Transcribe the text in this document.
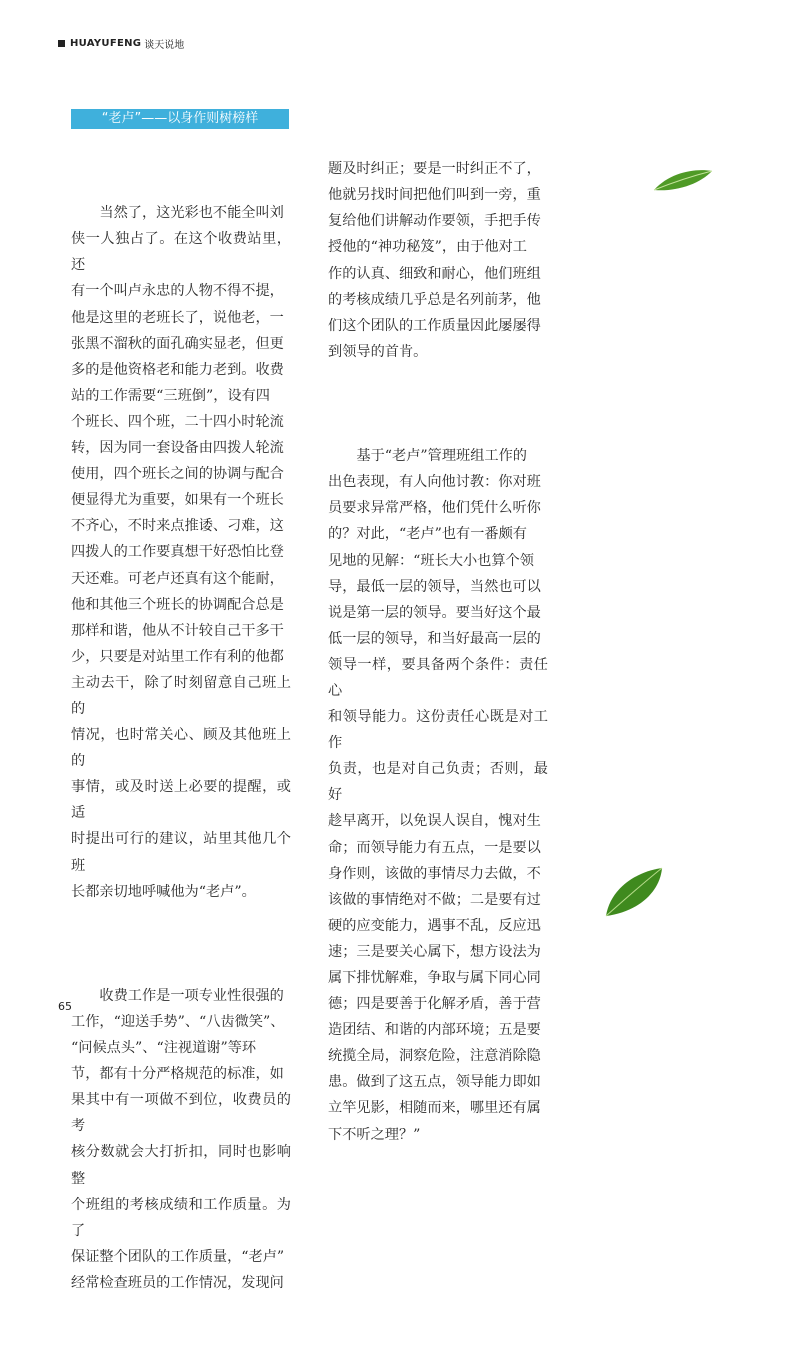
HUAYUFENG 谈天说地
“老卢”——以身作则树榜样

　　当然了，这光彩也不能全叫刘
侠一人独占了。在这个收费站里，还
有一个叫卢永忠的人物不得不提，
他是这里的老班长了，说他老，一
张黑不溜秋的面孔确实显老，但更
多的是他资格老和能力老到。收费
站的工作需要“三班倒”，设有四
个班长、四个班，二十四小时轮流
转，因为同一套设备由四拨人轮流
使用，四个班长之间的协调与配合
便显得尤为重要，如果有一个班长
不齐心，不时来点推诿、刁难，这
四拨人的工作要真想干好恐怕比登
天还难。可老卢还真有这个能耐，
他和其他三个班长的协调配合总是
那样和谐，他从不计较自己干多干
少，只要是对站里工作有利的他都
主动去干，除了时刻留意自己班上的
情况，也时常关心、顾及其他班上的
事情，或及时送上必要的提醒，或适
时提出可行的建议，站里其他几个班
长都亲切地呼喊他为“老卢”。

　　收费工作是一项专业性很强的
工作，“迎送手势”、“八齿微笑”、
“问候点头”、“注视道谢”等环
节，都有十分严格规范的标准，如
果其中有一项做不到位，收费员的考
核分数就会大打折扣，同时也影响整
个班组的考核成绩和工作质量。为了
保证整个团队的工作质量，“老卢”
经常检查班员的工作情况，发现问

题及时纠正；要是一时纠正不了，
他就另找时间把他们叫到一旁，重
复给他们讲解动作要领，手把手传
授他的“神功秘笈”，由于他对工
作的认真、细致和耐心，他们班组
的考核成绩几乎总是名列前茅，他
们这个团队的工作质量因此屡屡得
到领导的首肯。

　　基于“老卢”管理班组工作的
出色表现，有人向他讨教：你对班
员要求异常严格，他们凭什么听你
的？对此，“老卢”也有一番颇有
见地的见解：“班长大小也算个领
导，最低一层的领导，当然也可以
说是第一层的领导。要当好这个最
低一层的领导，和当好最高一层的
领导一样，要具备两个条件：责任心
和领导能力。这份责任心既是对工作
负责，也是对自己负责；否则，最好
趁早离开，以免误人误自，愧对生
命；而领导能力有五点，一是要以
身作则，该做的事情尽力去做，不
该做的事情绝对不做；二是要有过
硬的应变能力，遇事不乱，反应迅
速；三是要关心属下，想方设法为
属下排忧解难，争取与属下同心同
德；四是要善于化解矛盾，善于营
造团结、和谐的内部环境；五是要
统揽全局，洞察危险，注意消除隐
患。做到了这五点，领导能力即如
立竿见影，相随而来，哪里还有属
下不听之理？”

65
